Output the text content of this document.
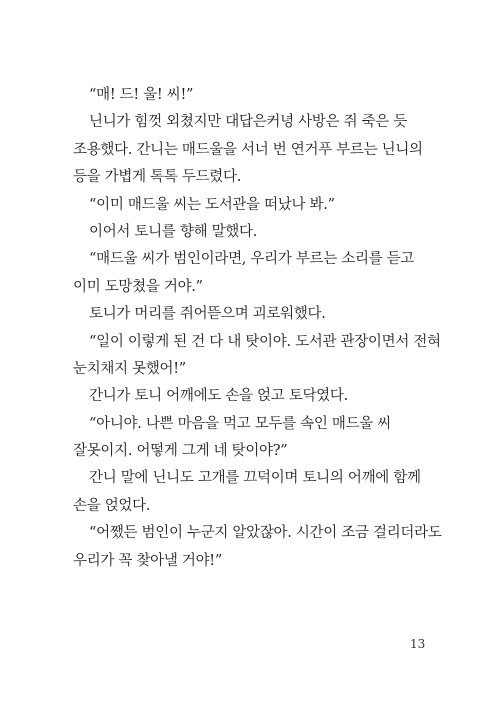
“매! 드! 울! 씨!”
닌니가 힘껏 외쳤지만 대답은커녕 사방은 쥐 죽은 듯
조용했다. 간니는 매드울을 서너 번 연거푸 부르는 닌니의
등을 가볍게 톡톡 두드렸다.
“이미 매드울 씨는 도서관을 떠났나 봐.”
이어서 토니를 향해 말했다.
“매드울 씨가 범인이라면, 우리가 부르는 소리를 듣고
이미 도망쳤을 거야.”
토니가 머리를 쥐어뜯으며 괴로워했다.
“일이 이렇게 된 건 다 내 탓이야. 도서관 관장이면서 전혀
눈치채지 못했어!”
간니가 토니 어깨에도 손을 얹고 토닥였다.
“아니야. 나쁜 마음을 먹고 모두를 속인 매드울 씨
잘못이지. 어떻게 그게 네 탓이야?”
간니 말에 닌니도 고개를 끄덕이며 토니의 어깨에 함께
손을 얹었다.
“어쨌든 범인이 누군지 알았잖아. 시간이 조금 걸리더라도
우리가 꼭 찾아낼 거야!”
13
